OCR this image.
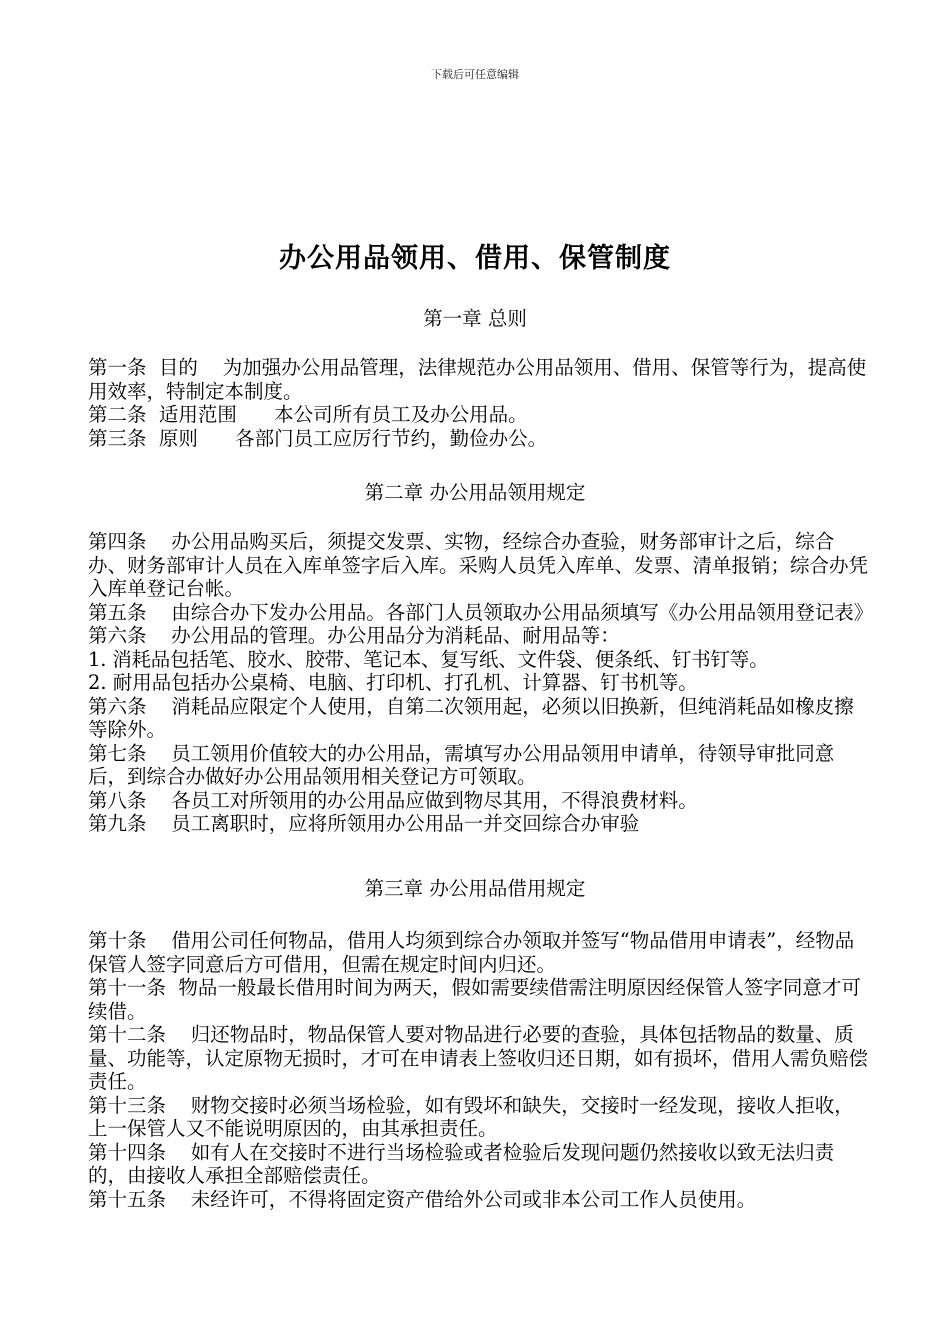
下载后可任意编辑
办公用品领用、借用、保管制度
第一章 总则

第一条  目的    为加强办公用品管理，法律规范办公用品领用、借用、保管等行为，提高使用效率，特制定本制度。

第二条  适用范围      本公司所有员工及办公用品。

第三条  原则      各部门员工应厉行节约，勤俭办公。

第二章 办公用品领用规定

第四条    办公用品购买后，须提交发票、实物，经综合办查验，财务部审计之后，综合办、财务部审计人员在入库单签字后入库。采购人员凭入库单、发票、清单报销；综合办凭入库单登记台帐。

第五条    由综合办下发办公用品。各部门人员领取办公用品须填写《办公用品领用登记表》

第六条    办公用品的管理。办公用品分为消耗品、耐用品等：

1. 消耗品包括笔、胶水、胶带、笔记本、复写纸、文件袋、便条纸、钉书钉等。

2. 耐用品包括办公桌椅、电脑、打印机、打孔机、计算器、钉书机等。

第六条    消耗品应限定个人使用，自第二次领用起，必须以旧换新，但纯消耗品如橡皮擦等除外。

第七条    员工领用价值较大的办公用品，需填写办公用品领用申请单，待领导审批同意后，到综合办做好办公用品领用相关登记方可领取。

第八条    各员工对所领用的办公用品应做到物尽其用，不得浪费材料。

第九条    员工离职时，应将所领用办公用品一并交回综合办审验

第三章 办公用品借用规定

第十条    借用公司任何物品，借用人均须到综合办领取并签写“物品借用申请表”，经物品保管人签字同意后方可借用，但需在规定时间内归还。

第十一条  物品一般最长借用时间为两天，假如需要续借需注明原因经保管人签字同意才可续借。

第十二条    归还物品时，物品保管人要对物品进行必要的查验，具体包括物品的数量、质量、功能等，认定原物无损时，才可在申请表上签收归还日期，如有损坏，借用人需负赔偿责任。

第十三条    财物交接时必须当场检验，如有毁坏和缺失，交接时一经发现，接收人拒收，上一保管人又不能说明原因的，由其承担责任。

第十四条    如有人在交接时不进行当场检验或者检验后发现问题仍然接收以致无法归责的，由接收人承担全部赔偿责任。

第十五条    未经许可，不得将固定资产借给外公司或非本公司工作人员使用。
